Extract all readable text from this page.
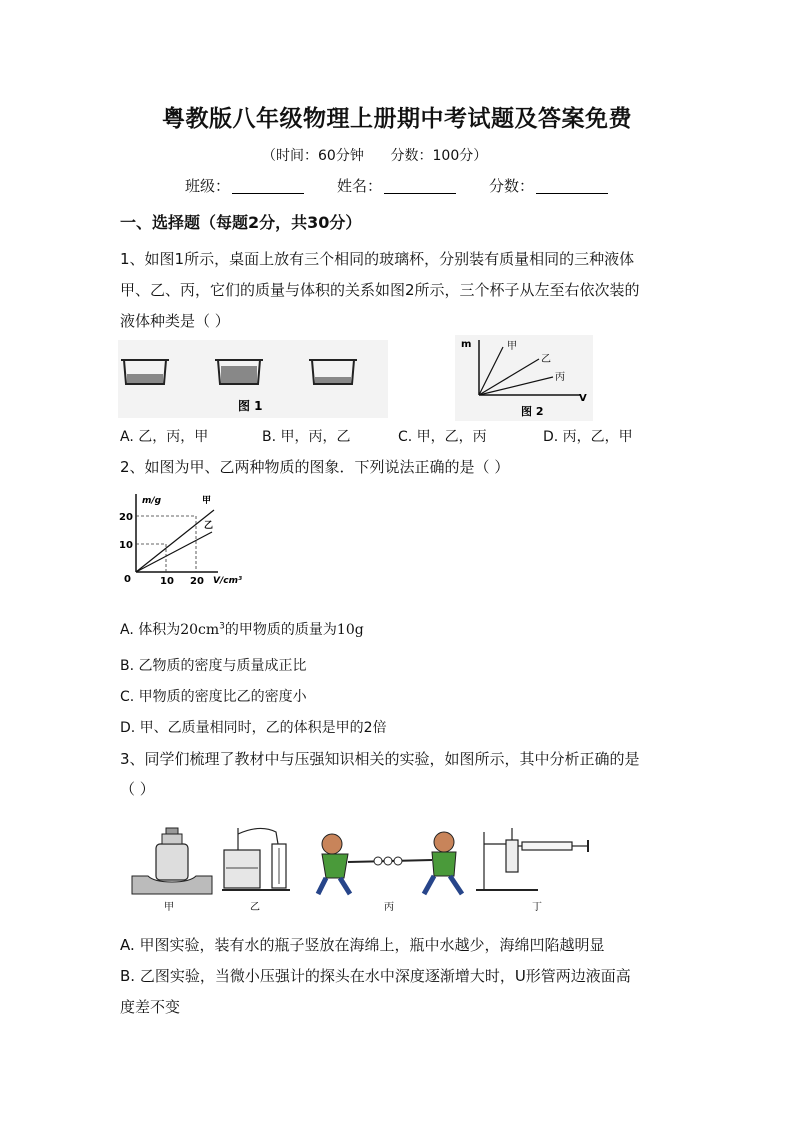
粤教版八年级物理上册期中考试题及答案免费
（时间：60分钟      分数：100分）
班级：	姓名：	分数：
一、选择题（每题2分，共30分）
1、如图1所示，桌面上放有三个相同的玻璃杯，分别装有质量相同的三种液体
甲、乙、丙，它们的质量与体积的关系如图2所示，三个杯子从左至右依次装的
液体种类是（ ）
图 1
m
V
甲
乙
丙
图 2
A. 乙，丙，甲	B. 甲，丙，乙	C. 甲，乙，丙	D. 丙，乙，甲
2、如图为甲、乙两种物质的图象．下列说法正确的是（ ）
m/g	甲
乙
20
10
0	10 20 V/cm³
A. 体积为$20cm^3$的甲物质的质量为10g
B. 乙物质的密度与质量成正比
C. 甲物质的密度比乙的密度小
D. 甲、乙质量相同时，乙的体积是甲的2倍
3、同学们梳理了教材中与压强知识相关的实验，如图所示，其中分析正确的是
（ ）
甲	乙	丙	丁
A. 甲图实验，装有水的瓶子竖放在海绵上，瓶中水越少，海绵凹陷越明显
B. 乙图实验，当微小压强计的探头在水中深度逐渐增大时，U形管两边液面高
度差不变
